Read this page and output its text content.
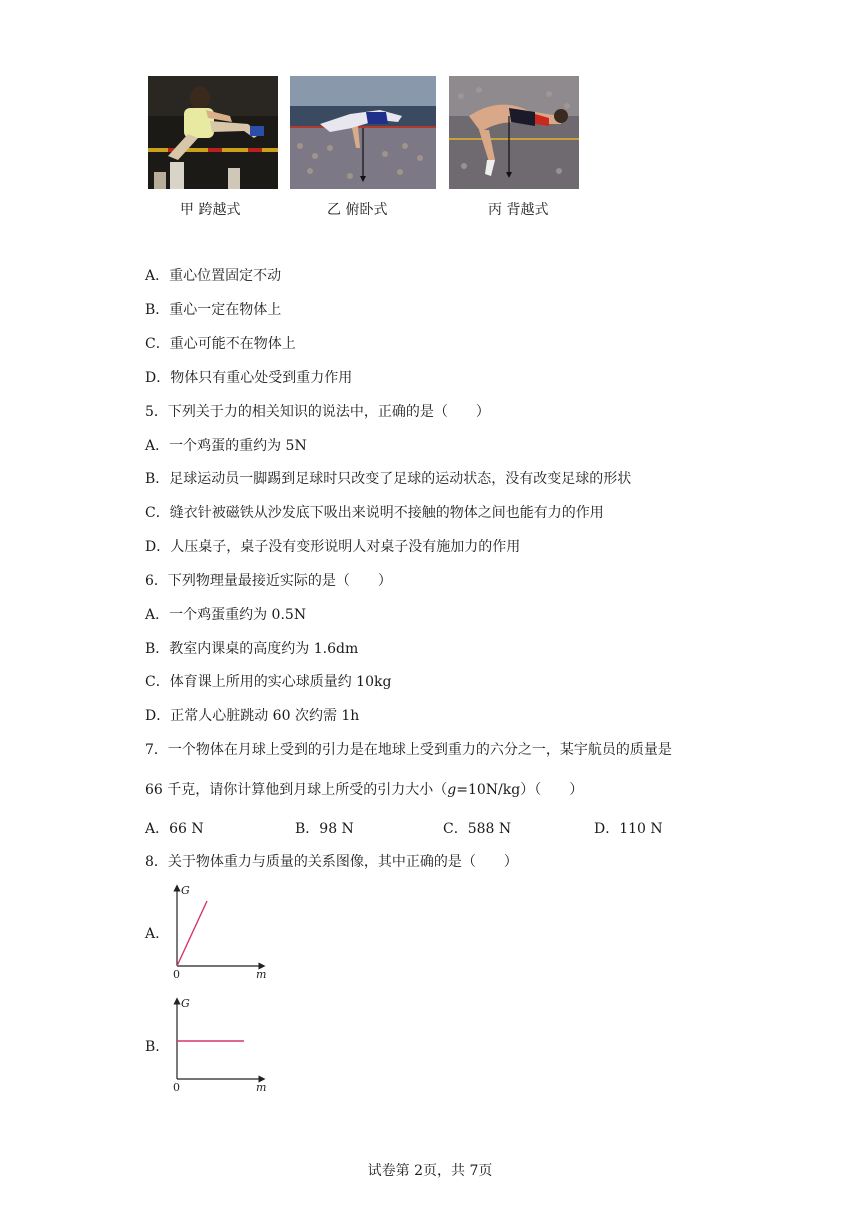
甲 跨越式	乙 俯卧式	丙 背越式
A．重心位置固定不动
B．重心一定在物体上
C．重心可能不在物体上
D．物体只有重心处受到重力作用
5．下列关于力的相关知识的说法中，正确的是（　　）
A．一个鸡蛋的重约为 5N
B．足球运动员一脚踢到足球时只改变了足球的运动状态，没有改变足球的形状
C．缝衣针被磁铁从沙发底下吸出来说明不接触的物体之间也能有力的作用
D．人压桌子，桌子没有变形说明人对桌子没有施加力的作用
6．下列物理量最接近实际的是（　　）
A．一个鸡蛋重约为 0.5N
B．教室内课桌的高度约为 1.6dm
C．体育课上所用的实心球质量约 10kg
D．正常人心脏跳动 60 次约需 1h
7．一个物体在月球上受到的引力是在地球上受到重力的六分之一，某宇航员的质量是
66 千克，请你计算他到月球上所受的引力大小（g=10N/kg）（　　）
A．66 N	B．98 N	C．588 N	D．110 N
8．关于物体重力与质量的关系图像，其中正确的是（　　）
A.
G
m
0
B.
G
m
0
试卷第 2页，共 7页
